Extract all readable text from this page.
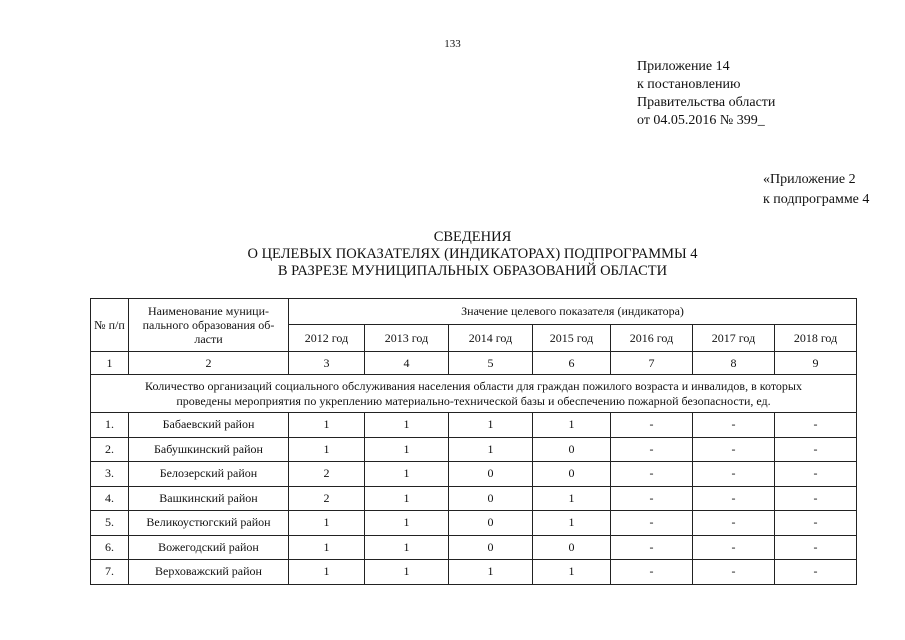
133
Приложение 14
к постановлению
Правительства области
от 04.05.2016 № 399_
«Приложение 2
к подпрограмме 4
СВЕДЕНИЯ
О ЦЕЛЕВЫХ ПОКАЗАТЕЛЯХ (ИНДИКАТОРАХ) ПОДПРОГРАММЫ 4
В РАЗРЕЗЕ МУНИЦИПАЛЬНЫХ ОБРАЗОВАНИЙ ОБЛАСТИ
№ п/п	Наименование муници-пального образования об-ласти	Значение целевого показателя (индикатора)						
		2012 год	2013 год	2014 год	2015 год	2016 год	2017 год	2018 год
1	2	3	4	5	6	7	8	9

Количество организаций социального обслуживания населения области для граждан пожилого возраста и инвалидов, в которых
проведены мероприятия по укреплению материально-технической базы и обеспечению пожарной безопасности, ед.								

1.	Бабаевский район	1	1	1	1	-	-	-
2.	Бабушкинский район	1	1	1	0	-	-	-
3.	Белозерский район	2	1	0	0	-	-	-
4.	Вашкинский район	2	1	0	1	-	-	-
5.	Великоустюгский район	1	1	0	1	-	-	-
6.	Вожегодский район	1	1	0	0	-	-	-
7.	Верховажский район	1	1	1	1	-	-	-
